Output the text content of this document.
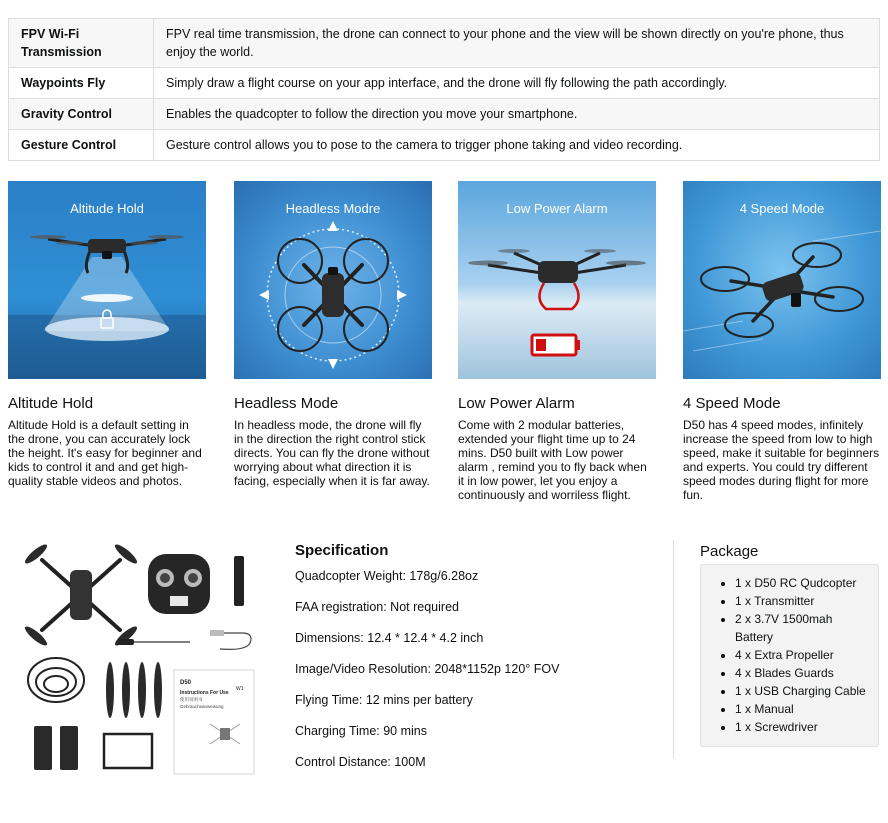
FPV Wi-Fi Transmission	FPV real time transmission, the drone can connect to your phone and the view will be shown directly on you're phone, thus enjoy the world.
Waypoints Fly	Simply draw a flight course on your app interface, and the drone will fly following the path accordingly.
Gravity Control	Enables the quadcopter to follow the direction you move your smartphone.
Gesture Control	Gesture control allows you to pose to the camera to trigger phone taking and video recording.
Altitude Hold
Altitude Hold

Altitude Hold is a default setting in the drone, you can accurately lock the height. It's easy for beginner and kids to control it and and get high-quality stable videos and photos.

Headless Modre
Headless Mode

In headless mode, the drone will fly in the direction the right control stick directs. You can fly the drone without worrying about what direction it is facing, especially when it is far away.

Low Power Alarm
Low Power Alarm

Come with 2 modular batteries, extended your flight time up to 24 mins. D50 built with Low power alarm , remind you to fly back when it in low power, let you enjoy a continuously and worriless flight.

4 Speed Mode
4 Speed Mode

D50 has 4 speed modes, infinitely increase the speed from low to high speed, make it suitable for beginners and experts. You could try different speed modes during flight for more fun.

D50
Instructions For Use
使用说明书
Gebrauchsanweisung
W1
Specification
Quadcopter Weight: 178g/6.28oz
FAA registration: Not required
Dimensions: 12.4 * 12.4 * 4.2 inch
Image/Video Resolution: 2048*1152p 120° FOV
Flying Time: 12 mins per battery
Charging Time: 90 mins
Control Distance: 100M
Package
• 1 x D50 RC Qudcopter
• 1 x Transmitter
• 2 x 3.7V 1500mah Battery
• 4 x Extra Propeller
• 4 x Blades Guards
• 1 x USB Charging Cable
• 1 x Manual
• 1 x Screwdriver
